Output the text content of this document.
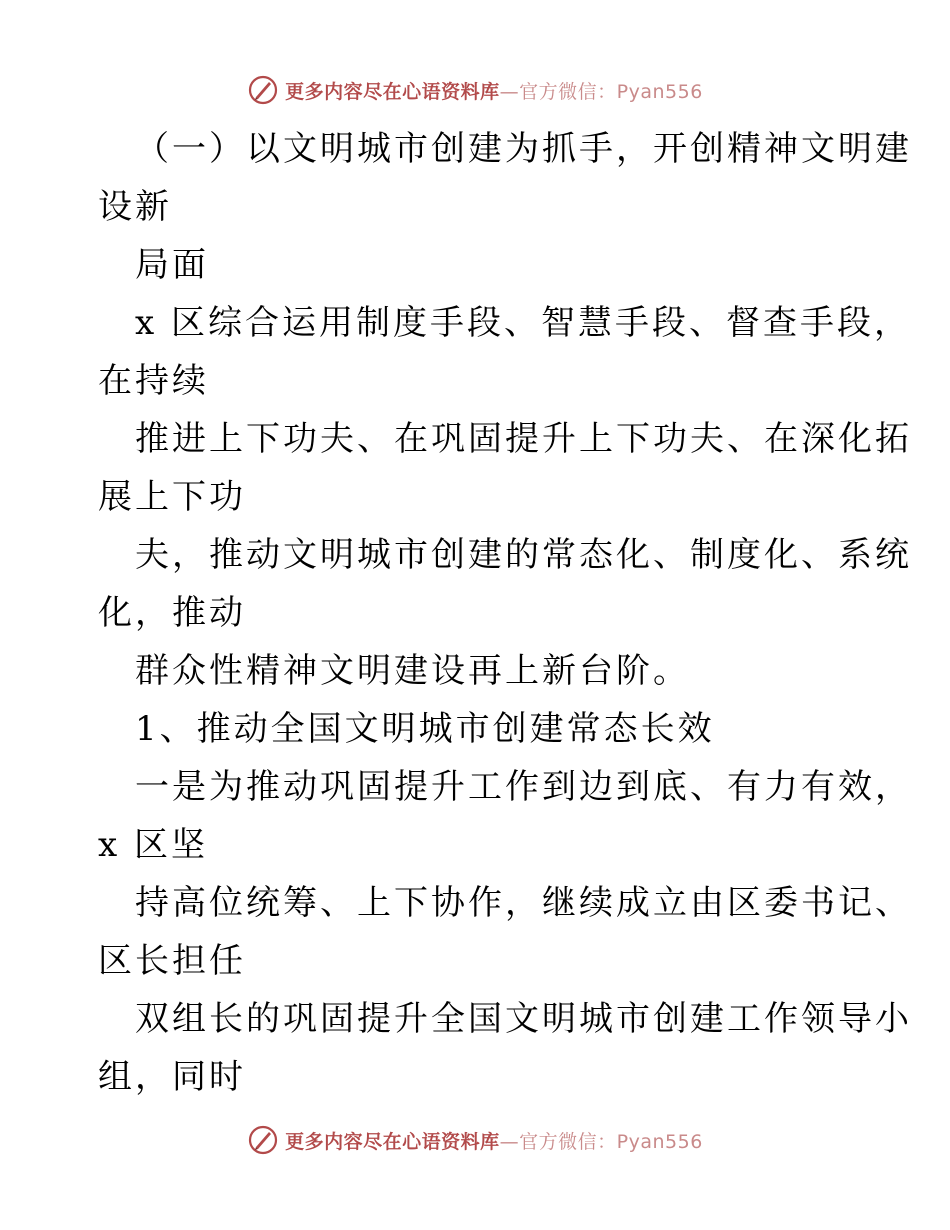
更多内容尽在心语资料库—官方微信：Pyan556
（一）以文明城市创建为抓手，开创精神文明建
设新
局面
x 区综合运用制度手段、智慧手段、督查手段，
在持续
推进上下功夫、在巩固提升上下功夫、在深化拓
展上下功
夫，推动文明城市创建的常态化、制度化、系统
化，推动
群众性精神文明建设再上新台阶。
1、推动全国文明城市创建常态长效
一是为推动巩固提升工作到边到底、有力有效，
x 区坚
持高位统筹、上下协作，继续成立由区委书记、
区长担任
双组长的巩固提升全国文明城市创建工作领导小
组，同时
更多内容尽在心语资料库—官方微信：Pyan556
